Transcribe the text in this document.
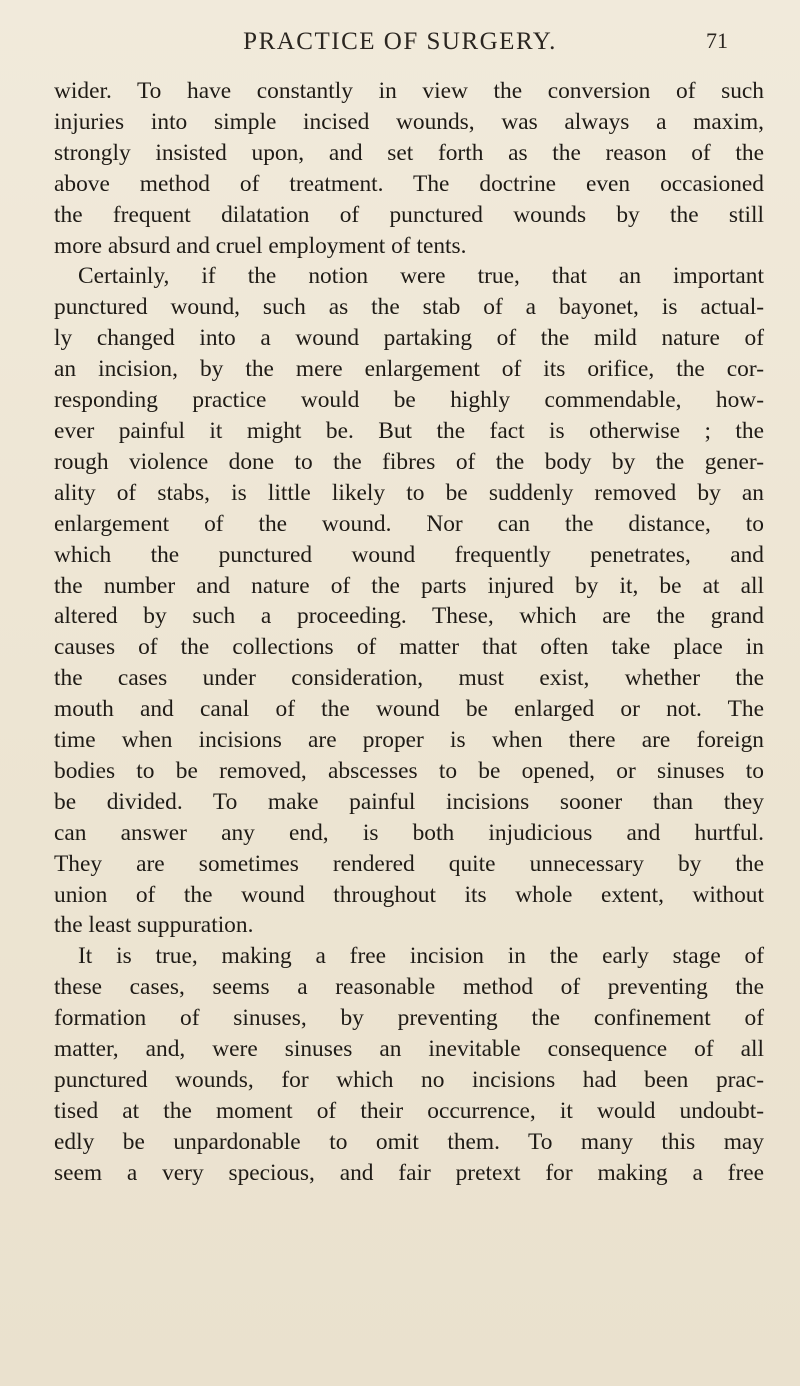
PRACTICE OF SURGERY.	71
wider. To have constantly in view the conversion of such
injuries into simple incised wounds, was always a maxim,
strongly insisted upon, and set forth as the reason of the
above method of treatment. The doctrine even occasioned
the frequent dilatation of punctured wounds by the still
more absurd and cruel employment of tents.
Certainly, if the notion were true, that an important
punctured wound, such as the stab of a bayonet, is actual-
ly changed into a wound partaking of the mild nature of
an incision, by the mere enlargement of its orifice, the cor-
responding practice would be highly commendable, how-
ever painful it might be. But the fact is otherwise ; the
rough violence done to the fibres of the body by the gener-
ality of stabs, is little likely to be suddenly removed by an
enlargement of the wound. Nor can the distance, to
which the punctured wound frequently penetrates, and
the number and nature of the parts injured by it, be at all
altered by such a proceeding. These, which are the grand
causes of the collections of matter that often take place in
the cases under consideration, must exist, whether the
mouth and canal of the wound be enlarged or not. The
time when incisions are proper is when there are foreign
bodies to be removed, abscesses to be opened, or sinuses to
be divided. To make painful incisions sooner than they
can answer any end, is both injudicious and hurtful.
They are sometimes rendered quite unnecessary by the
union of the wound throughout its whole extent, without
the least suppuration.
It is true, making a free incision in the early stage of
these cases, seems a reasonable method of preventing the
formation of sinuses, by preventing the confinement of
matter, and, were sinuses an inevitable consequence of all
punctured wounds, for which no incisions had been prac-
tised at the moment of their occurrence, it would undoubt-
edly be unpardonable to omit them. To many this may
seem a very specious, and fair pretext for making a free
